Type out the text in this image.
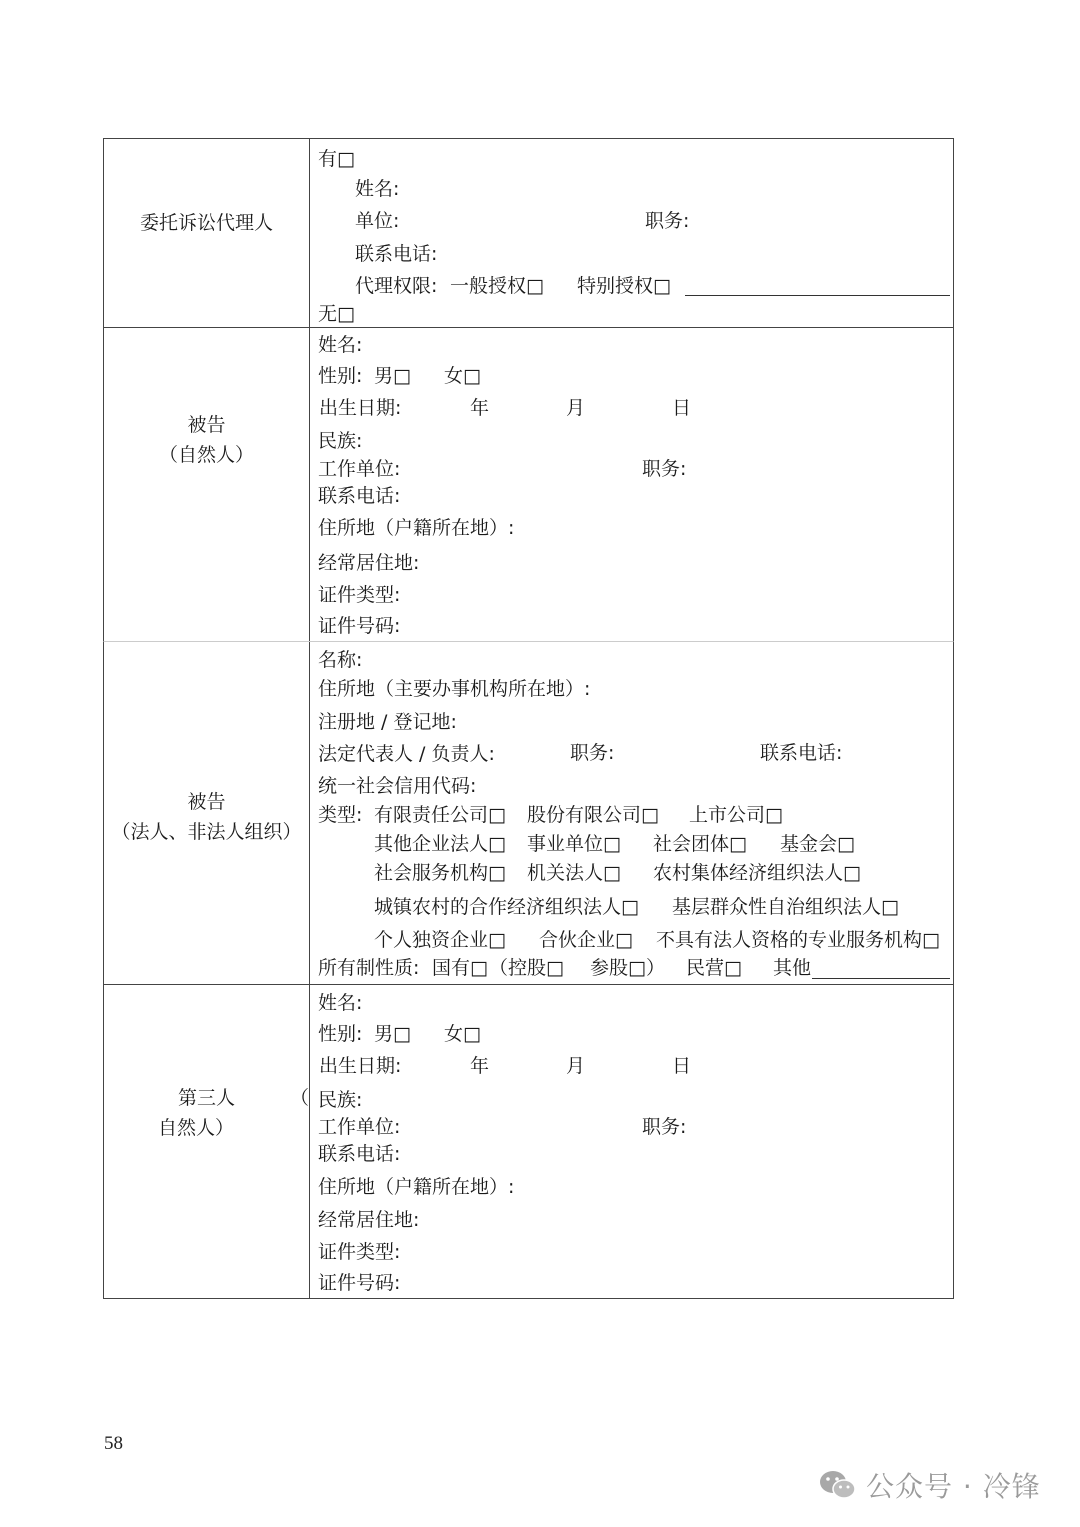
委托诉讼代理人
有□
姓名:
单位:	职务:
联系电话:
代理权限: 一般授权□ 特别授权□
无□
被告
（自然人）
姓名:
性别: 男□ 女□
出生日期:	年	月	日
民族:
工作单位:	职务:
联系电话:
住所地（户籍所在地）:
经常居住地:
证件类型:
证件号码:
被告
（法人、非法人组织）
名称:
住所地（主要办事机构所在地）:
注册地 / 登记地:
法定代表人 / 负责人:	职务:	联系电话:
统一社会信用代码:
类型: 有限责任公司□ 股份有限公司□ 上市公司□
其他企业法人□ 事业单位□ 社会团体□ 基金会□
社会服务机构□ 机关法人□ 农村集体经济组织法人□
城镇农村的合作经济组织法人□ 基层群众性自治组织法人□
个人独资企业□ 合伙企业□ 不具有法人资格的专业服务机构□
所有制性质: 国有□ （控股□ 参股□） 民营□ 其他
第三人	（
自然人）
姓名:
性别: 男□ 女□
出生日期:	年	月	日
民族:
工作单位:	职务:
联系电话:
住所地（户籍所在地）:
经常居住地:
证件类型:
证件号码:
58
公众号 · 冷锋
